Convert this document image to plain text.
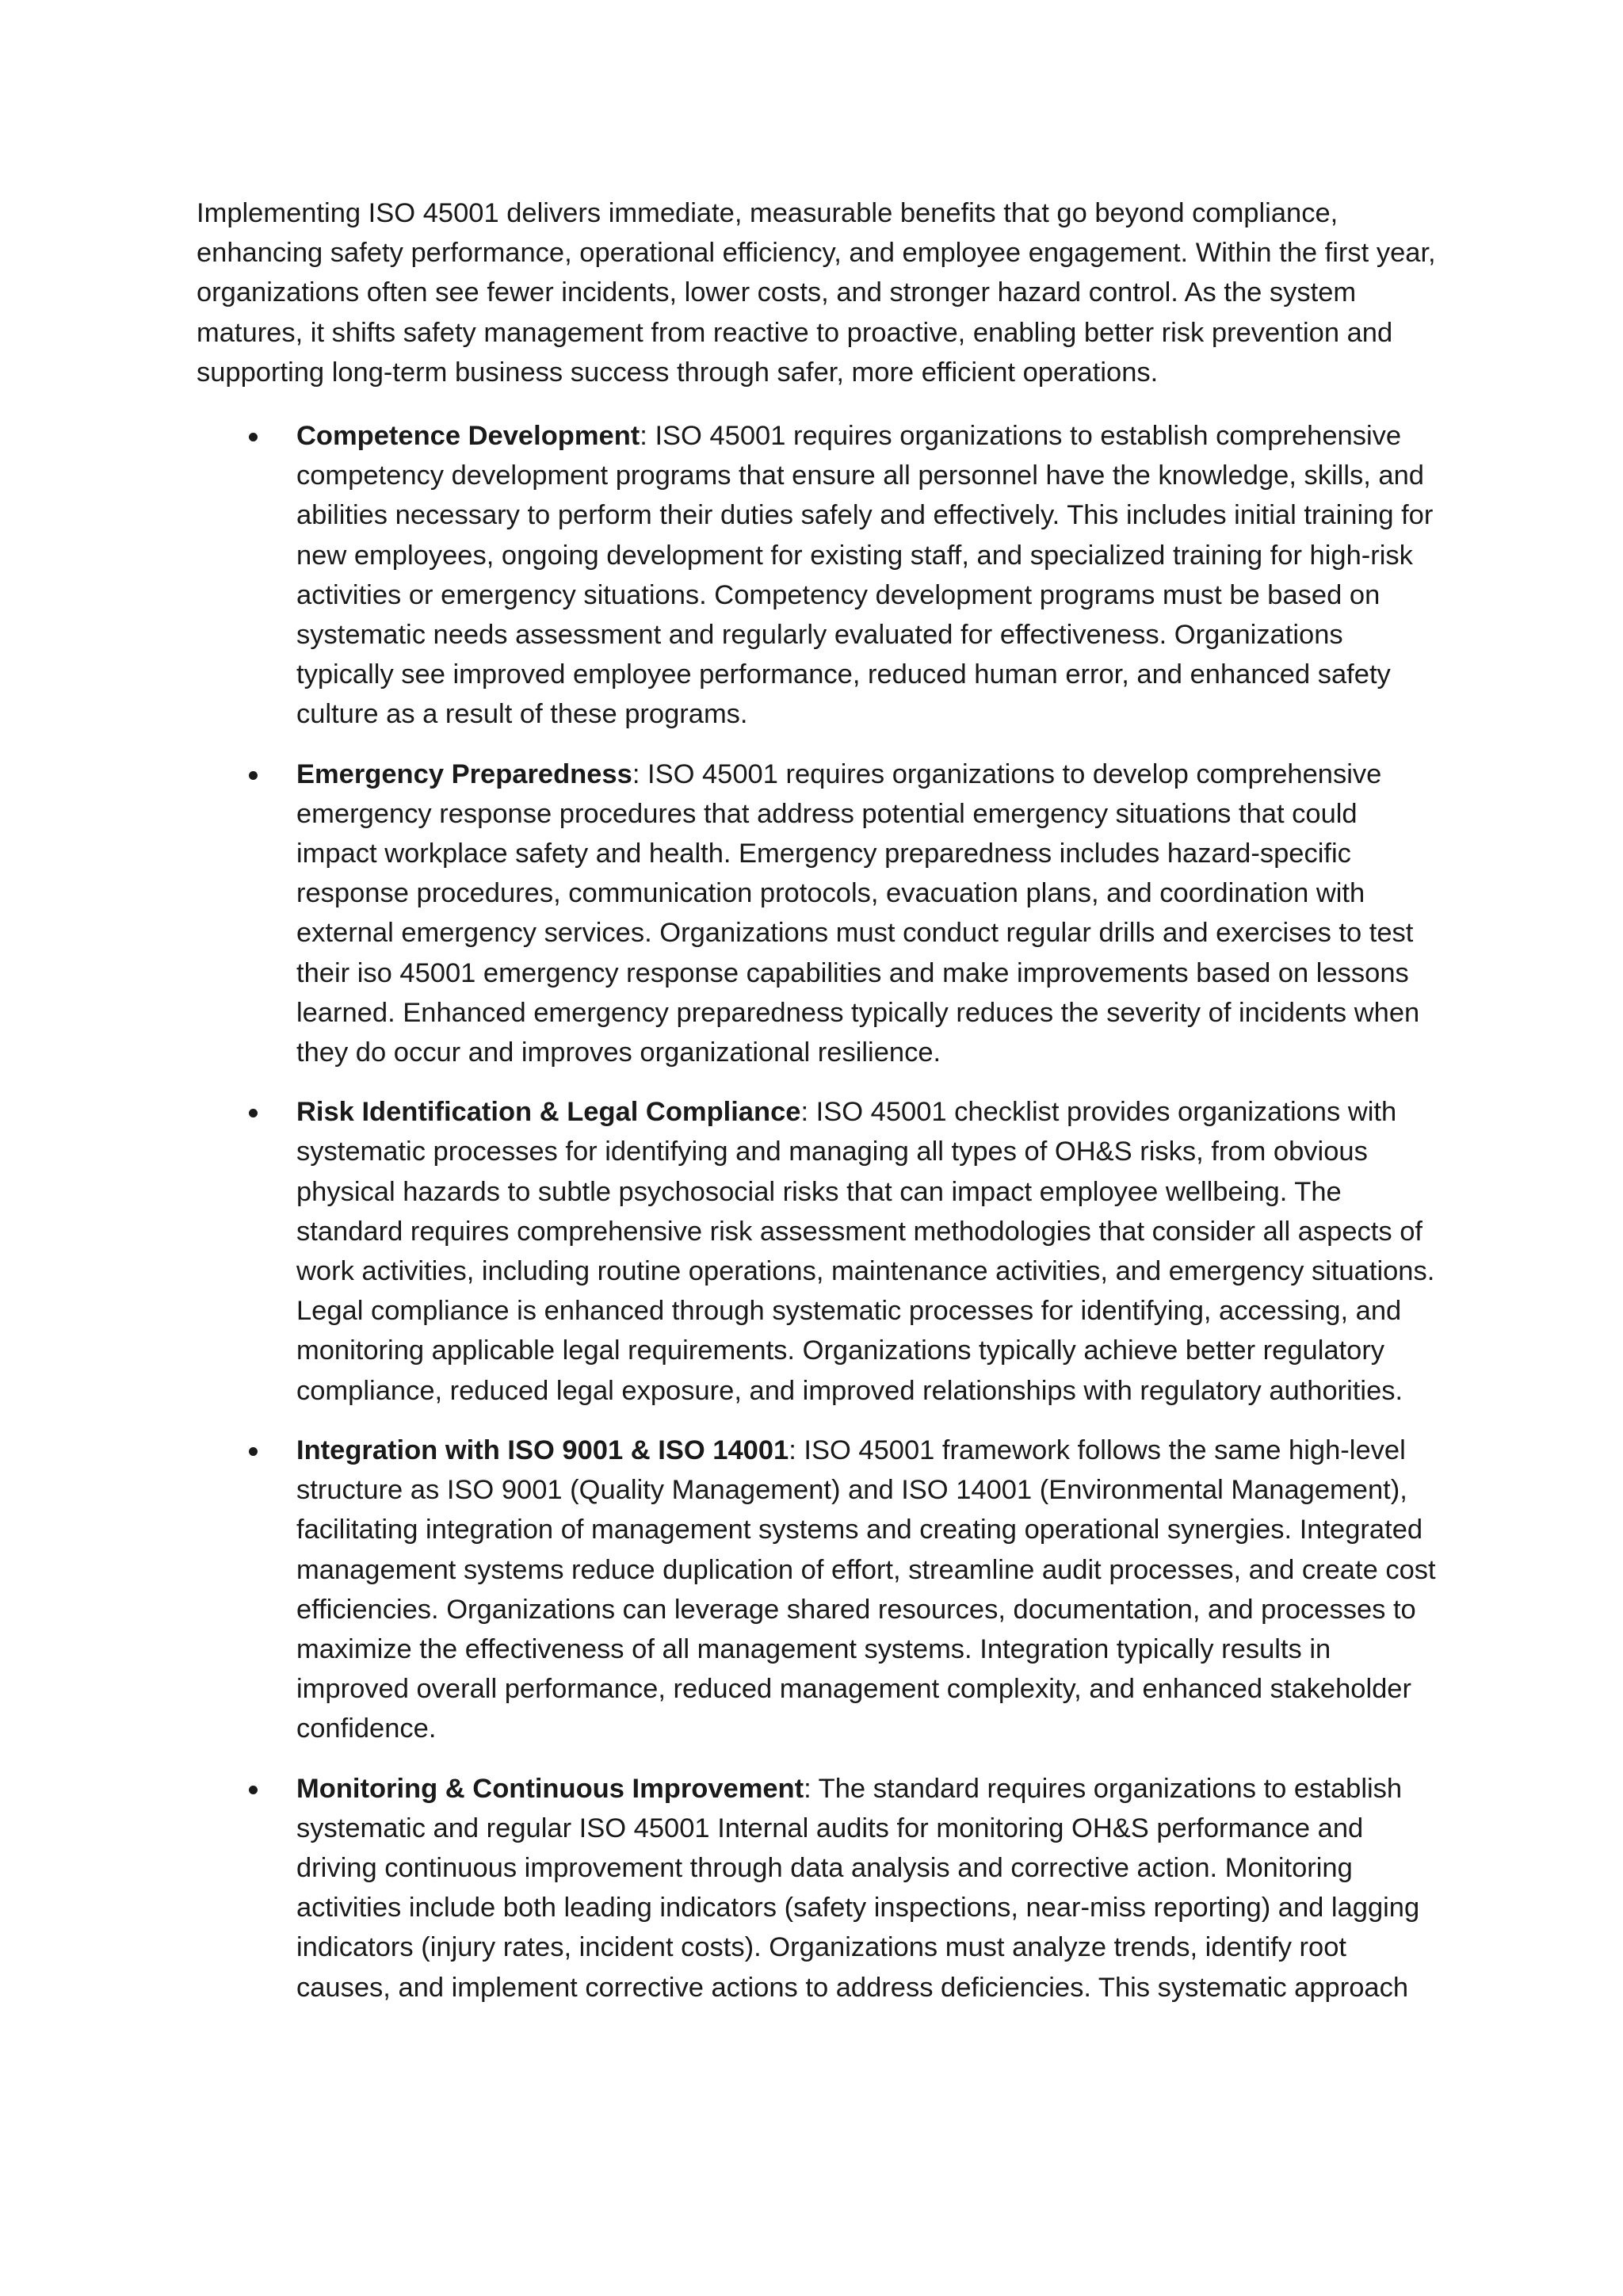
Implementing ISO 45001 delivers immediate, measurable benefits that go beyond compliance, enhancing safety performance, operational efficiency, and employee engagement. Within the first year, organizations often see fewer incidents, lower costs, and stronger hazard control. As the system matures, it shifts safety management from reactive to proactive, enabling better risk prevention and supporting long-term business success through safer, more efficient operations.

Competence Development: ISO 45001 requires organizations to establish comprehensive competency development programs that ensure all personnel have the knowledge, skills, and abilities necessary to perform their duties safely and effectively. This includes initial training for new employees, ongoing development for existing staff, and specialized training for high-risk activities or emergency situations. Competency development programs must be based on systematic needs assessment and regularly evaluated for effectiveness. Organizations typically see improved employee performance, reduced human error, and enhanced safety culture as a result of these programs.
Emergency Preparedness: ISO 45001 requires organizations to develop comprehensive emergency response procedures that address potential emergency situations that could impact workplace safety and health. Emergency preparedness includes hazard-specific response procedures, communication protocols, evacuation plans, and coordination with external emergency services. Organizations must conduct regular drills and exercises to test their iso 45001 emergency response capabilities and make improvements based on lessons learned. Enhanced emergency preparedness typically reduces the severity of incidents when they do occur and improves organizational resilience.
Risk Identification & Legal Compliance: ISO 45001 checklist provides organizations with systematic processes for identifying and managing all types of OH&S risks, from obvious physical hazards to subtle psychosocial risks that can impact employee wellbeing. The standard requires comprehensive risk assessment methodologies that consider all aspects of work activities, including routine operations, maintenance activities, and emergency situations. Legal compliance is enhanced through systematic processes for identifying, accessing, and monitoring applicable legal requirements. Organizations typically achieve better regulatory compliance, reduced legal exposure, and improved relationships with regulatory authorities.
Integration with ISO 9001 & ISO 14001: ISO 45001 framework follows the same high-level structure as ISO 9001 (Quality Management) and ISO 14001 (Environmental Management), facilitating integration of management systems and creating operational synergies. Integrated management systems reduce duplication of effort, streamline audit processes, and create cost efficiencies. Organizations can leverage shared resources, documentation, and processes to maximize the effectiveness of all management systems. Integration typically results in improved overall performance, reduced management complexity, and enhanced stakeholder confidence.
Monitoring & Continuous Improvement: The standard requires organizations to establish systematic and regular ISO 45001 Internal audits for monitoring OH&S performance and driving continuous improvement through data analysis and corrective action. Monitoring activities include both leading indicators (safety inspections, near-miss reporting) and lagging indicators (injury rates, incident costs). Organizations must analyze trends, identify root causes, and implement corrective actions to address deficiencies. This systematic approach
